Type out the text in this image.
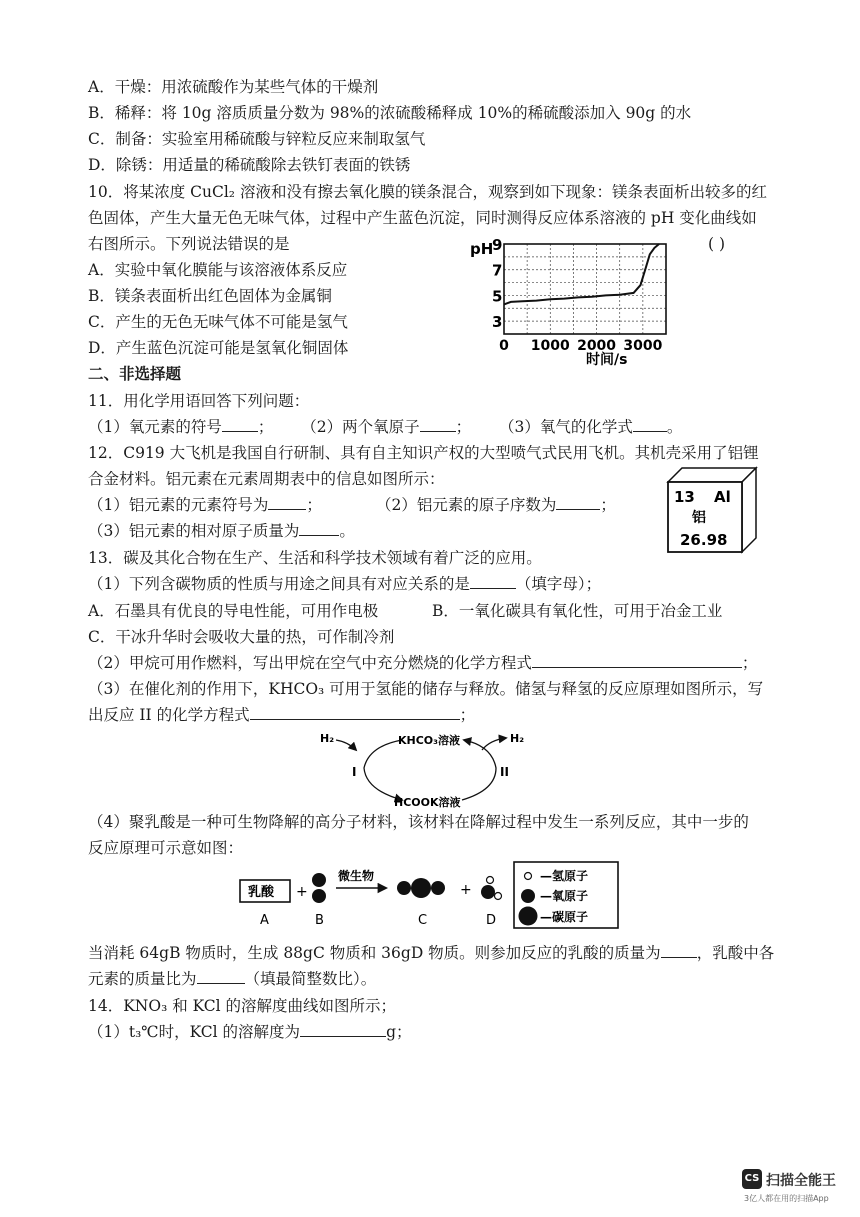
A．干燥：用浓硫酸作为某些气体的干燥剂
B．稀释：将 10g 溶质质量分数为 98%的浓硫酸稀释成 10%的稀硫酸添加入 90g 的水
C．制备：实验室用稀硫酸与锌粒反应来制取氢气
D．除锈：用适量的稀硫酸除去铁钉表面的铁锈
10．将某浓度 CuCl₂ 溶液和没有擦去氧化膜的镁条混合，观察到如下现象：镁条表面析出较多的红
色固体，产生大量无色无味气体，过程中产生蓝色沉淀，同时测得反应体系溶液的 pH 变化曲线如
右图所示。下列说法错误的是	( )
A．实验中氧化膜能与该溶液体系反应
B．镁条表面析出红色固体为金属铜
C．产生的无色无味气体不可能是氢气
D．产生蓝色沉淀可能是氢氧化铜固体
pH
9
7
5
3
0 1000 2000 3000
时间/s
二、非选择题
11．用化学用语回答下列问题：
（1）氧元素的符号 ； （2）两个氧原子 ； （3）氧气的化学式 。
12．C919 大飞机是我国自行研制、具有自主知识产权的大型喷气式民用飞机。其机壳采用了铝锂
合金材料。铝元素在元素周期表中的信息如图所示：
（1）铝元素的元素符号为 ；	（2）铝元素的原子序数为	；
（3）铝元素的相对原子质量为	。
13 Al
铝
26.98
13．碳及其化合物在生产、生活和科学技术领域有着广泛的应用。
（1）下列含碳物质的性质与用途之间具有对应关系的是	（填字母）；
A．石墨具有优良的导电性能，可用作电极	B．一氧化碳具有氧化性，可用于冶金工业
C．干冰升华时会吸收大量的热，可作制冷剂
（2）甲烷可用作燃料，写出甲烷在空气中充分燃烧的化学方程式	；
（3）在催化剂的作用下，KHCO₃ 可用于氢能的储存与释放。储氢与释氢的反应原理如图所示，写
出反应 II 的化学方程式	；
H₂
I
KHCO₃溶液
HCOOK溶液
II
H₂
（4）聚乳酸是一种可生物降解的高分子材料，该材料在降解过程中发生一系列反应，其中一步的
反应原理可示意如图：
乳酸 +
微生物
+
A	B	C	D
—氢原子
—氧原子
—碳原子
当消耗 64gB 物质时，生成 88gC 物质和 36gD 物质。则参加反应的乳酸的质量为 ，乳酸中各
元素的质量比为	（填最简整数比）。
14．KNO₃ 和 KCl 的溶解度曲线如图所示；
（1）t₃℃时，KCl 的溶解度为	g；
CS 扫描全能王
3亿人都在用的扫描App
